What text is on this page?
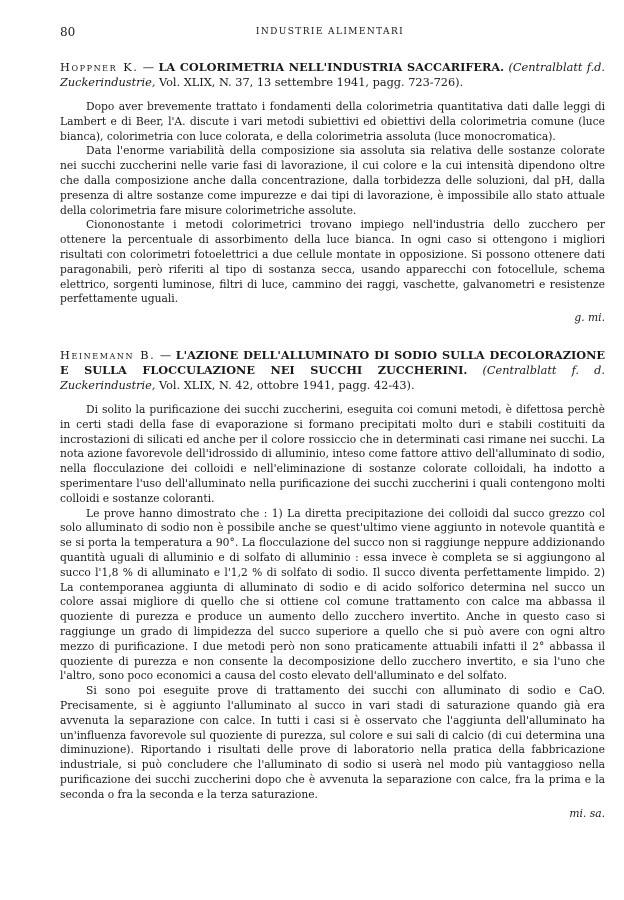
80	INDUSTRIE ALIMENTARI

Hoppner K. — LA COLORIMETRIA NELL'INDUSTRIA SACCARIFERA. (Centralblatt f.d. Zuckerindustrie, Vol. XLIX, N. 37, 13 settembre 1941, pagg. 723-726).

Dopo aver brevemente trattato i fondamenti della colorimetria quantitativa dati dalle leggi di Lambert e di Beer, l'A. discute i vari metodi subiettivi ed obiettivi della colorimetria comune (luce bianca), colorimetria con luce colorata, e della colorimetria assoluta (luce monocromatica).

Data l'enorme variabilità della composizione sia assoluta sia relativa delle sostanze colorate nei succhi zuccherini nelle varie fasi di lavorazione, il cui colore e la cui intensità dipendono oltre che dalla composizione anche dalla concentrazione, dalla torbidezza delle soluzioni, dal pH, dalla presenza di altre sostanze come impurezze e dai tipi di lavorazione, è impossibile allo stato attuale della colorimetria fare misure colorimetriche assolute.

Ciononostante i metodi colorimetrici trovano impiego nell'industria dello zucchero per ottenere la percentuale di assorbimento della luce bianca. In ogni caso si ottengono i migliori risultati con colorimetri fotoelettrici a due cellule montate in opposizione. Si possono ottenere dati paragonabili, però riferiti al tipo di sostanza secca, usando apparecchi con fotocellule, schema elettrico, sorgenti luminose, filtri di luce, cammino dei raggi, vaschette, galvanometri e resistenze perfettamente uguali.

g. mi.

Heinemann B. — L'AZIONE DELL'ALLUMINATO DI SODIO SULLA DECOLORAZIONE E SULLA FLOCCULAZIONE NEI SUCCHI ZUCCHERINI. (Centralblatt f. d. Zuckerindustrie, Vol. XLIX, N. 42, ottobre 1941, pagg. 42-43).

Di solito la purificazione dei succhi zuccherini, eseguita coi comuni metodi, è difettosa perchè in certi stadi della fase di evaporazione si formano precipitati molto duri e stabili costituiti da incrostazioni di silicati ed anche per il colore rossiccio che in determinati casi rimane nei succhi. La nota azione favorevole dell'idrossido di alluminio, inteso come fattore attivo dell'alluminato di sodio, nella flocculazione dei colloidi e nell'eliminazione di sostanze colorate colloidali, ha indotto a sperimentare l'uso dell'alluminato nella purificazione dei succhi zuccherini i quali contengono molti colloidi e sostanze coloranti.

Le prove hanno dimostrato che : 1) La diretta precipitazione dei colloidi dal succo grezzo col solo alluminato di sodio non è possibile anche se quest'ultimo viene aggiunto in notevole quantità e se si porta la temperatura a 90°. La flocculazione del succo non si raggiunge neppure addizionando quantità uguali di alluminio e di solfato di alluminio : essa invece è completa se si aggiungono al succo l'1,8 % di alluminato e l'1,2 % di solfato di sodio. Il succo diventa perfettamente limpido. 2) La contemporanea aggiunta di alluminato di sodio e di acido solforico determina nel succo un colore assai migliore di quello che si ottiene col comune trattamento con calce ma abbassa il quoziente di purezza e produce un aumento dello zucchero invertito. Anche in questo caso si raggiunge un grado di limpidezza del succo superiore a quello che si può avere con ogni altro mezzo di purificazione. I due metodi però non sono praticamente attuabili infatti il 2° abbassa il quoziente di purezza e non consente la decomposizione dello zucchero invertito, e sia l'uno che l'altro, sono poco economici a causa del costo elevato dell'alluminato e del solfato.

Si sono poi eseguite prove di trattamento dei succhi con alluminato di sodio e CaO. Precisamente, si è aggiunto l'alluminato al succo in vari stadi di saturazione quando già era avvenuta la separazione con calce. In tutti i casi si è osservato che l'aggiunta dell'alluminato ha un'influenza favorevole sul quoziente di purezza, sul colore e sui sali di calcio (di cui determina una diminuzione). Riportando i risultati delle prove di laboratorio nella pratica della fabbricazione industriale, si può concludere che l'alluminato di sodio si userà nel modo più vantaggioso nella purificazione dei succhi zuccherini dopo che è avvenuta la separazione con calce, fra la prima e la seconda o fra la seconda e la terza saturazione.

mi. sa.
